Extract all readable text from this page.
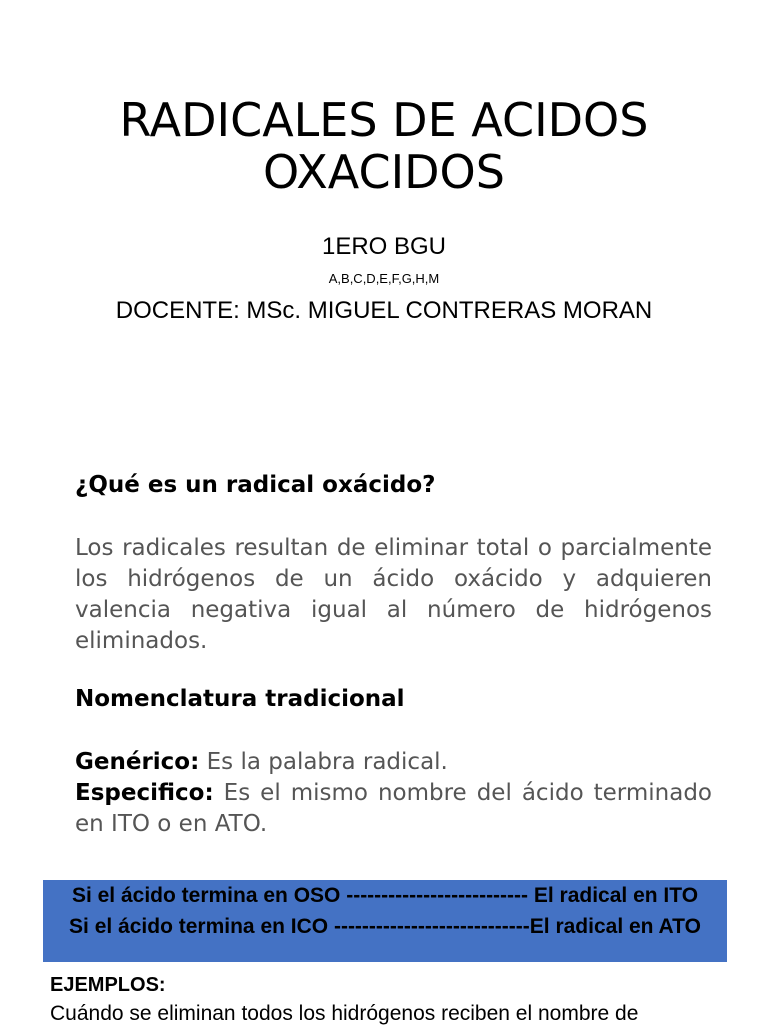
RADICALES DE ACIDOS
OXACIDOS
1ERO BGU
A,B,C,D,E,F,G,H,M
DOCENTE: MSc. MIGUEL CONTRERAS MORAN
¿Qué es un radical oxácido?
Los radicales resultan de eliminar total o parcialmente los hidrógenos de un ácido oxácido y adquieren valencia negativa igual al número de hidrógenos eliminados.
Nomenclatura tradicional
Genérico: Es la palabra radical.
Especifico: Es el mismo nombre del ácido terminado en ITO o en ATO.
Si el ácido termina en OSO -------------------------- El radical en ITO
Si el ácido termina en ICO ----------------------------El radical en ATO
EJEMPLOS:
Cuándo se eliminan todos los hidrógenos reciben el nombre de
